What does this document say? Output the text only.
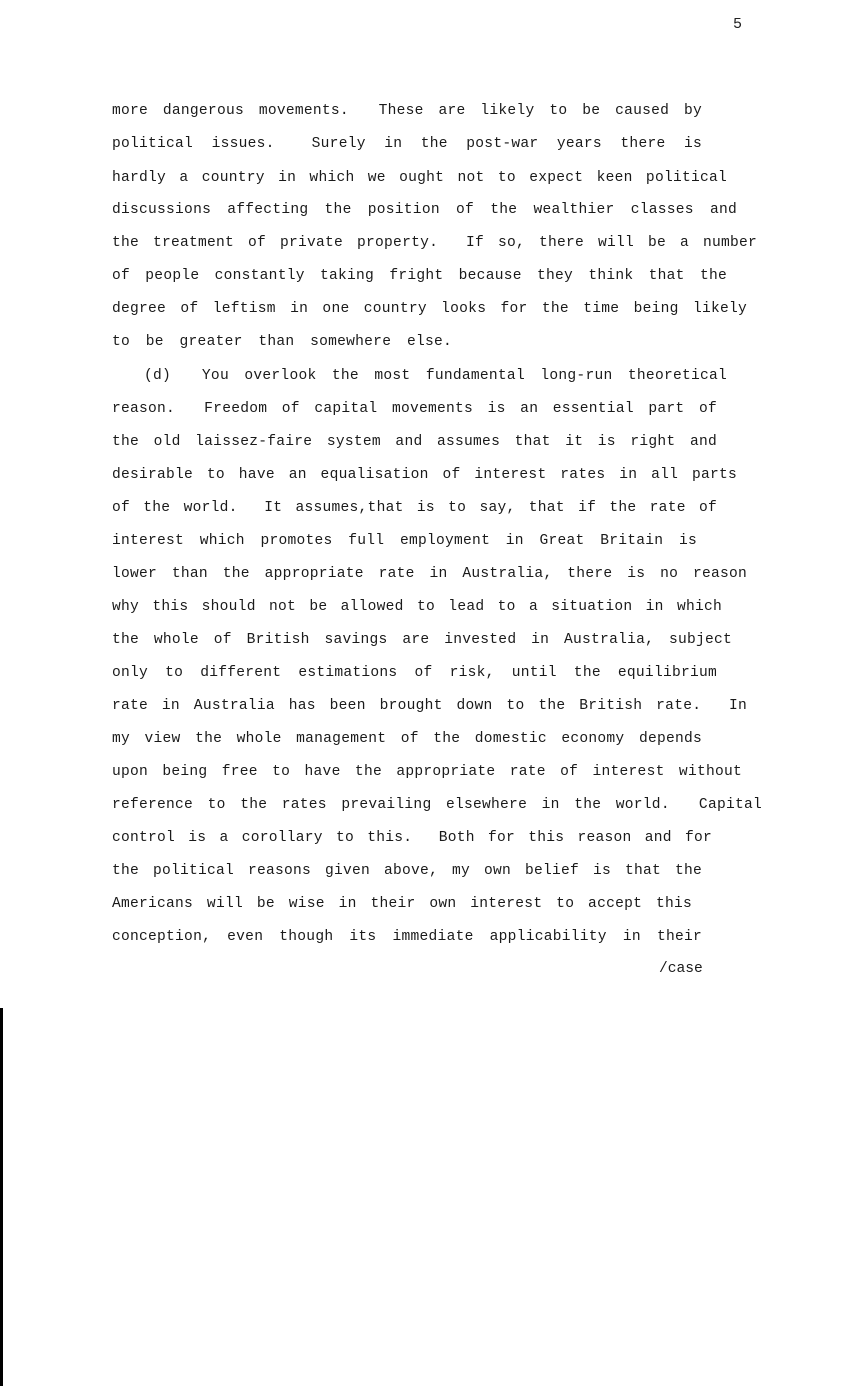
5
more dangerous movements.  These are likely to be caused by
political issues.  Surely in the post-war years there is
hardly a country in which we ought not to expect keen political
discussions affecting the position of the wealthier classes and
the treatment of private property.  If so, there will be a number
of people constantly taking fright because they think that the
degree of leftism in one country looks for the time being likely
to be greater than somewhere else.
(d)  You overlook the most fundamental long-run theoretical
reason.  Freedom of capital movements is an essential part of
the old laissez-faire system and assumes that it is right and
desirable to have an equalisation of interest rates in all parts
of the world.  It assumes,that is to say, that if the rate of
interest which promotes full employment in Great Britain is
lower than the appropriate rate in Australia, there is no reason
why this should not be allowed to lead to a situation in which
the whole of British savings are invested in Australia, subject
only to different estimations of risk, until the equilibrium
rate in Australia has been brought down to the British rate.  In
my view the whole management of the domestic economy depends
upon being free to have the appropriate rate of interest without
reference to the rates prevailing elsewhere in the world.  Capital
control is a corollary to this.  Both for this reason and for
the political reasons given above, my own belief is that the
Americans will be wise in their own interest to accept this
conception, even though its immediate applicability in their
/case
